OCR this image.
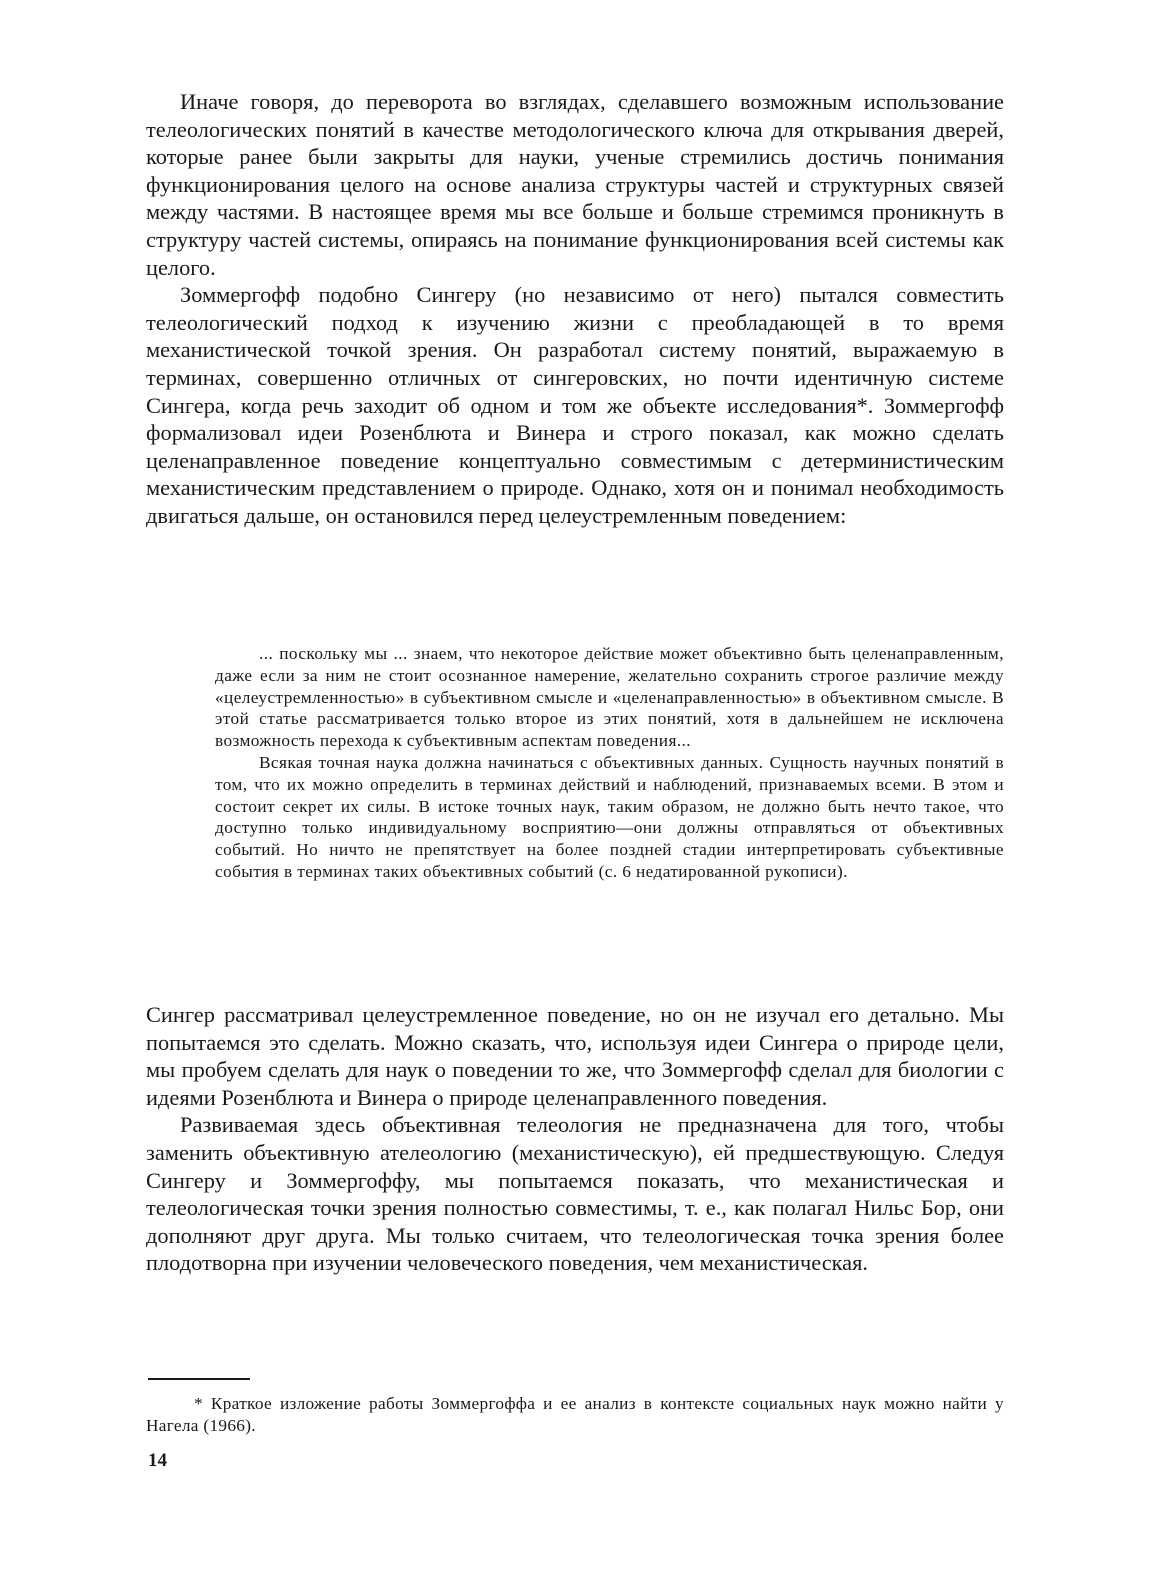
Иначе говоря, до переворота во взглядах, сделавшего возможным использование телеологических понятий в качестве методологического ключа для открывания дверей, которые ранее были закрыты для науки, ученые стремились достичь понимания функционирования целого на основе анализа структуры частей и структурных связей между частями. В настоящее время мы все больше и больше стремимся проникнуть в структуру частей системы, опираясь на понимание функционирования всей системы как целого.

Зоммергофф подобно Сингеру (но независимо от него) пытался совместить телеологический подход к изучению жизни с преобладающей в то время механистической точкой зрения. Он разработал систему понятий, выражаемую в терминах, совершенно отличных от сингеровских, но почти идентичную системе Сингера, когда речь заходит об одном и том же объекте исследования*. Зоммергофф формализовал идеи Розенблюта и Винера и строго показал, как можно сделать целенаправленное поведение концептуально совместимым с детерминистическим механистическим представлением о природе. Однако, хотя он и понимал необходимость двигаться дальше, он остановился перед целеустремленным поведением:

... поскольку мы ... знаем, что некоторое действие может объективно быть целенаправленным, даже если за ним не стоит осознанное намерение, желательно сохранить строгое различие между «целеустремленностью» в субъективном смысле и «целенаправленностью» в объективном смысле. В этой статье рассматривается только второе из этих понятий, хотя в дальнейшем не исключена возможность перехода к субъективным аспектам поведения...

Всякая точная наука должна начинаться с объективных данных. Сущность научных понятий в том, что их можно определить в терминах действий и наблюдений, признаваемых всеми. В этом и состоит секрет их силы. В истоке точных наук, таким образом, не должно быть нечто такое, что доступно только индивидуальному восприятию—они должны отправляться от объективных событий. Но ничто не препятствует на более поздней стадии интерпретировать субъективные события в терминах таких объективных событий (с. 6 недатированной рукописи).

Сингер рассматривал целеустремленное поведение, но он не изучал его детально. Мы попытаемся это сделать. Можно сказать, что, используя идеи Сингера о природе цели, мы пробуем сделать для наук о поведении то же, что Зоммергофф сделал для биологии с идеями Розенблюта и Винера о природе целенаправленного поведения.

Развиваемая здесь объективная телеология не предназначена для того, чтобы заменить объективную ателеологию (механистическую), ей предшествующую. Следуя Сингеру и Зоммергоффу, мы попытаемся показать, что механистическая и телеологическая точки зрения полностью совместимы, т. е., как полагал Нильс Бор, они дополняют друг друга. Мы только считаем, что телеологическая точка зрения более плодотворна при изучении человеческого поведения, чем механистическая.

* Краткое изложение работы Зоммергоффа и ее анализ в контексте социальных наук можно найти у Нагела (1966).

14
